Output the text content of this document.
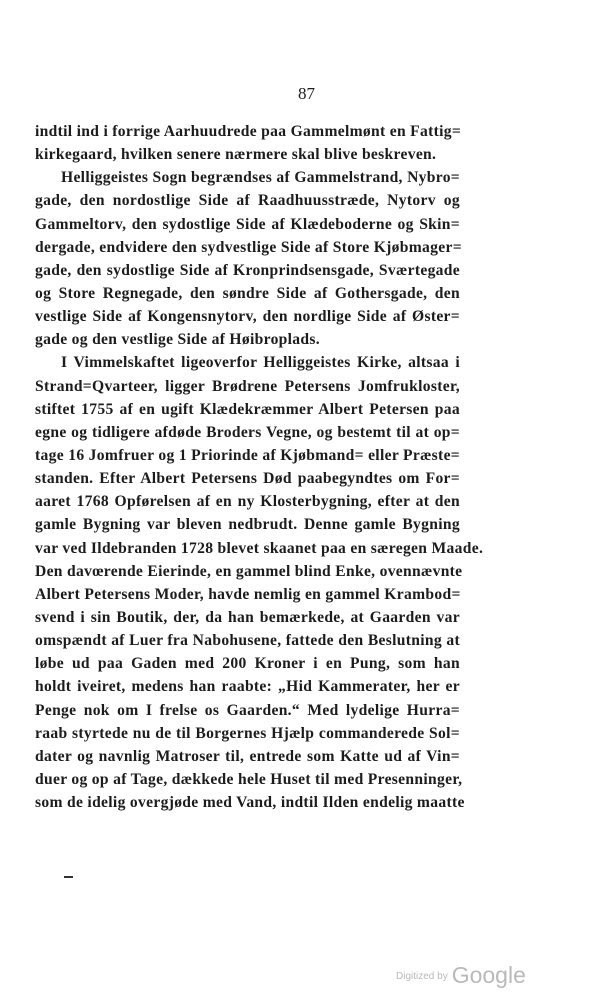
87
indtil ind i forrige Aarhuudrede paa Gammelmønt en Fattig=
kirkegaard, hvilken senere nærmere skal blive beskreven.
Helliggeistes Sogn begrændses af Gammelstrand, Nybro=
gade, den nordostlige Side af Raadhuusstræde, Nytorv og
Gammeltorv, den sydostlige Side af Klædeboderne og Skin=
dergade, endvidere den sydvestlige Side af Store Kjøbmager=
gade, den sydostlige Side af Kronprindsensgade, Sværtegade
og Store Regnegade, den søndre Side af Gothersgade, den
vestlige Side af Kongensnytorv, den nordlige Side af Øster=
gade og den vestlige Side af Høibroplads.
I Vimmelskaftet ligeoverfor Helliggeistes Kirke, altsaa i
Strand=Qvarteer, ligger Brødrene Petersens Jomfrukloster,
stiftet 1755 af en ugift Klædekræmmer Albert Petersen paa
egne og tidligere afdøde Broders Vegne, og bestemt til at op=
tage 16 Jomfruer og 1 Priorinde af Kjøbmand= eller Præste=
standen. Efter Albert Petersens Død paabegyndtes om For=
aaret 1768 Opførelsen af en ny Klosterbygning, efter at den
gamle Bygning var bleven nedbrudt. Denne gamle Bygning
var ved Ildebranden 1728 blevet skaanet paa en særegen Maade.
Den davœrende Eierinde, en gammel blind Enke, ovennævnte
Albert Petersens Moder, havde nemlig en gammel Krambod=
svend i sin Boutik, der, da han bemærkede, at Gaarden var
omspændt af Luer fra Nabohusene, fattede den Beslutning at
løbe ud paa Gaden med 200 Kroner i en Pung, som han
holdt iveiret, medens han raabte: „Hid Kammerater, her er
Penge nok om I frelse os Gaarden.“ Med lydelige Hurra=
raab styrtede nu de til Borgernes Hjælp commanderede Sol=
dater og navnlig Matroser til, entrede som Katte ud af Vin=
duer og op af Tage, dækkede hele Huset til med Presenninger,
som de idelig overgjøde med Vand, indtil Ilden endelig maatte
$^{Digitized by}$ Google
